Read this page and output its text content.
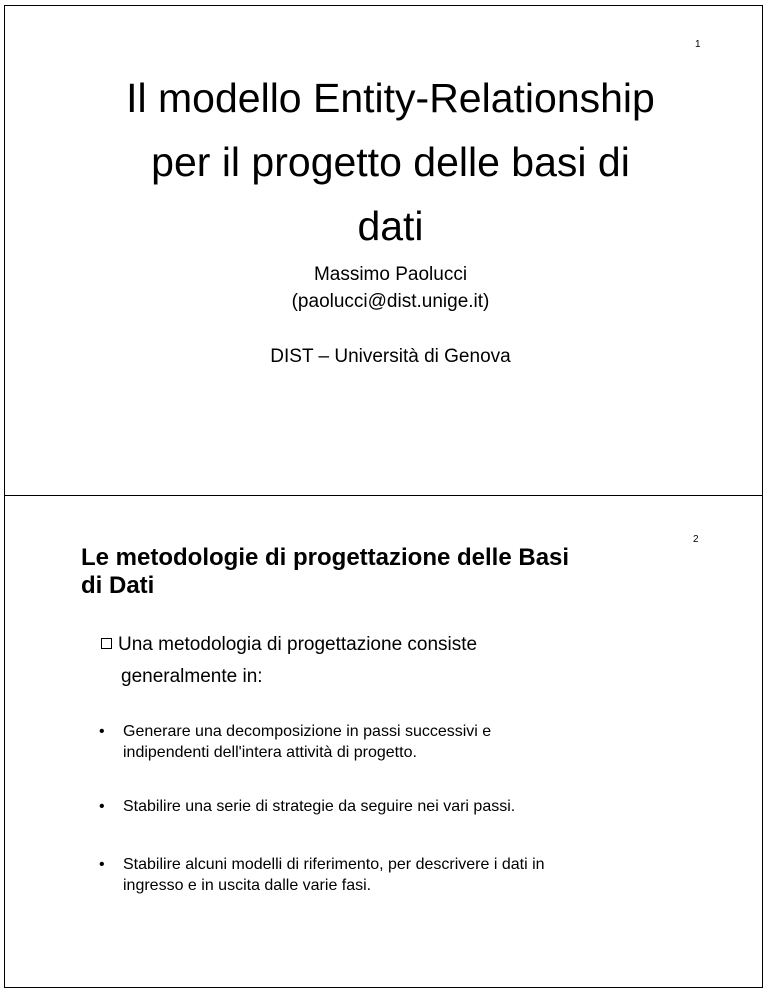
1
Il modello Entity-Relationship
per il progetto delle basi di
dati
Massimo Paolucci
(paolucci@dist.unige.it)
DIST – Università di Genova
2
Le metodologie di progettazione delle Basi
di Dati
Una metodologia di progettazione consiste
generalmente in:
• Generare una decomposizione in passi successivi e
indipendenti dell'intera attività di progetto.
• Stabilire una serie di strategie da seguire nei vari passi.
• Stabilire alcuni modelli di riferimento, per descrivere i dati in
ingresso e in uscita dalle varie fasi.
